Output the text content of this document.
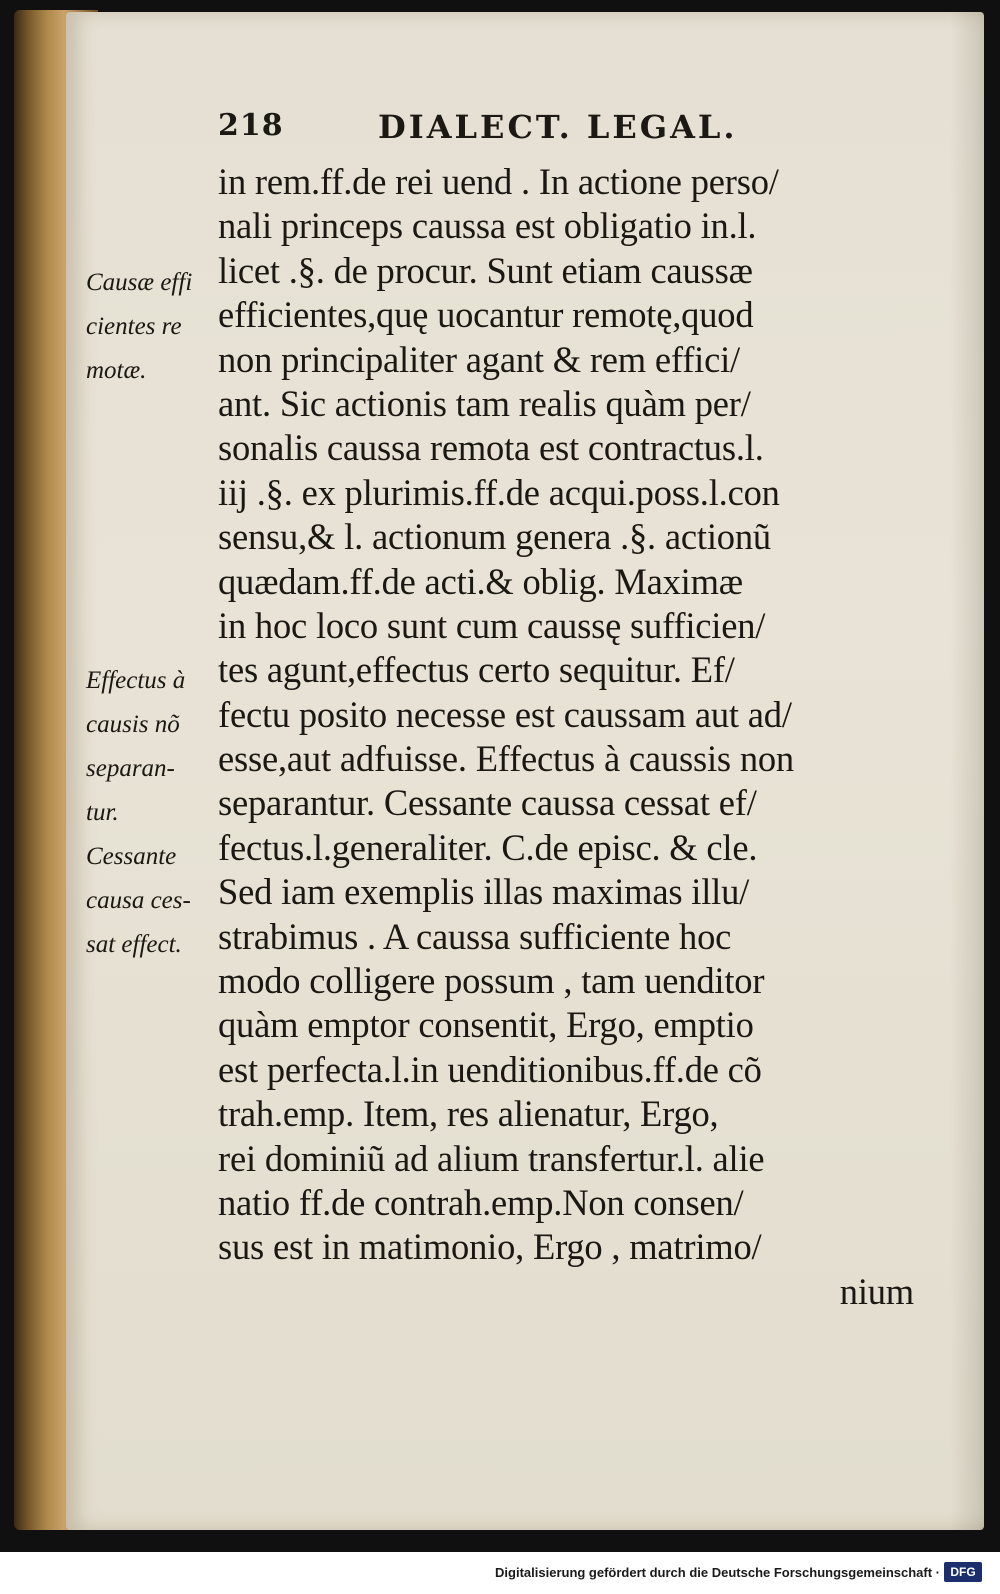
218	DIALECT. LEGAL.
in rem.ff.de rei uend . In actione perso/
nali princeps caussa est obligatio in.l.
licet .§. de procur. Sunt etiam caussæ
efficientes,quę uocantur remotę,quod
non principaliter agant & rem effici/
ant. Sic actionis tam realis quàm per/
sonalis caussa remota est contractus.l.
iij .§. ex plurimis.ff.de acqui.poss.l.con
sensu,& l. actionum genera .§. actionũ
quædam.ff.de acti.& oblig. Maximæ
in hoc loco sunt cum caussę sufficien/
tes agunt,effectus certo sequitur. Ef/
fectu posito necesse est caussam aut ad/
esse,aut adfuisse. Effectus à caussis non
separantur. Cessante caussa cessat ef/
fectus.l.generaliter. C.de episc. & cle.
Sed iam exemplis illas maximas illu/
strabimus . A caussa sufficiente hoc
modo colligere possum , tam uenditor
quàm emptor consentit, Ergo, emptio
est perfecta.l.in uenditionibus.ff.de cõ
trah.emp. Item, res alienatur, Ergo,
rei dominiũ ad alium transfertur.l. alie
natio ff.de contrah.emp.Non consen/
sus est in matimonio, Ergo , matrimo/
nium
Causæ effi
cientes re
motæ.
Effectus à
causis nõ
separan-
tur.
Cessante
causa ces-
sat effect.
Digitalisierung gefördert durch die Deutsche Forschungsgemeinschaft · DFG
